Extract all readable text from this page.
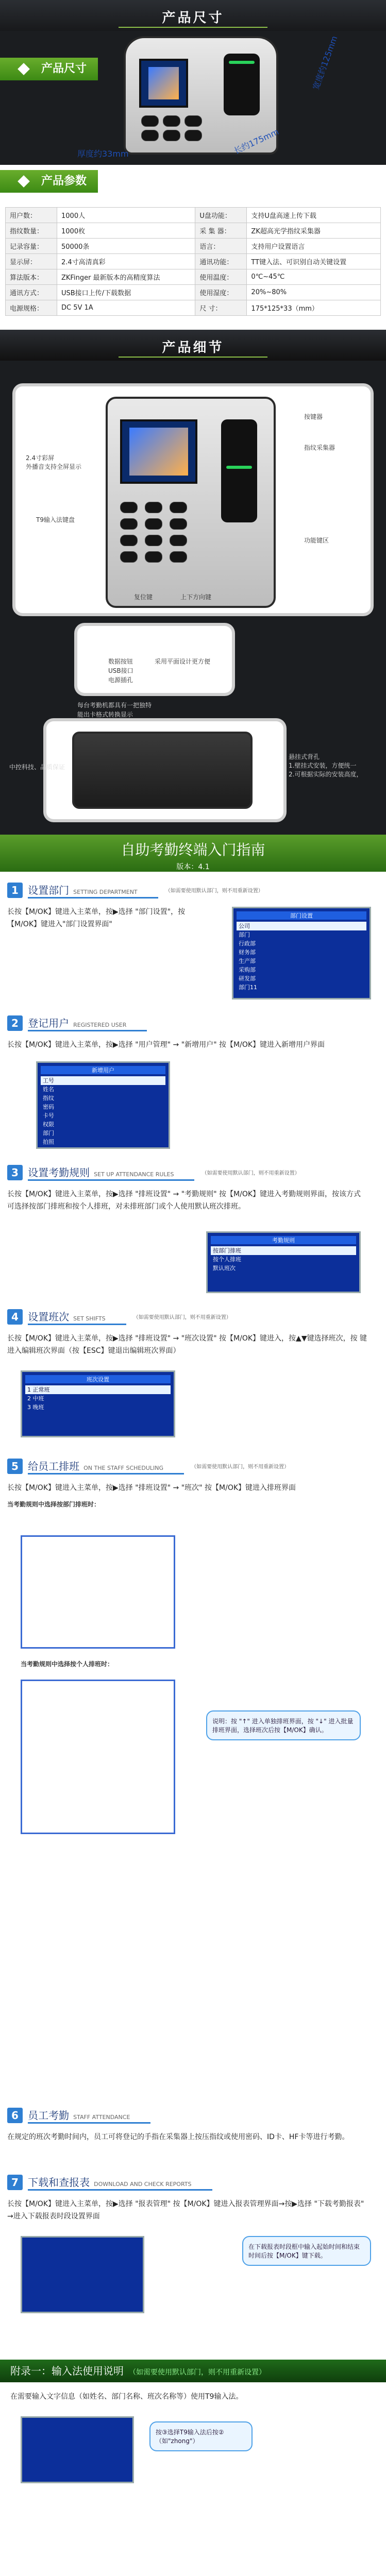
产品尺寸
产品尺寸	宽度约125mm
厚度约33mm	长约175mm
产品参数
用户数：	1000人	U盘功能：	支持U盘高速上传下载
指纹数量：	1000枚	采 集 器：	ZK超高光学指纹采集器
记录容量：	50000条	语言：	支持用户设置语言
显示屏：	2.4寸高清真彩	通讯功能：	TT键入法、可识别自动关键设置
算法版本：	ZKFinger 最新版本的高精度算法	使用温度：	0℃~45℃
通讯方式：	USB接口上传/下载数据	使用湿度：	20%~80%
电源规格：	DC 5V 1A	尺 寸：	175*125*33（mm）
产品细节
2.4寸彩屏
外播音支持全屏显示
指纹采集器
T9输入法键盘
功能键区
按键器
上下方向键
复位键
数据按钮
USB接口
电源插孔
采用平面设计更方便
每台考勤机都具有一把独特
能出卡格式转换显示
悬挂式背孔
1.壁挂式安装，方便统一
2.可根据实际的安装高度，
中控科技、品质保证
自助考勤终端入门指南
版本：4.1
1 设置部门 SETTING DEPARTMENT	（如需要使用默认部门，则不用重新设置）
长按【M/OK】键进入主菜单，按▶选择 "部门设置"，按【M/OK】键进入"部门设置界面"
部门设置
公司
部门
行政部
财务部
生产部
采购部
研发部
部门11
2 登记用户 REGISTERED USER
长按【M/OK】键进入主菜单，按▶选择 "用户管理" → "新增用户" 按【M/OK】键进入新增用户界面
新增用户
工号
姓名
指纹
密码
卡号
权限
部门
拍照
3 设置考勤规则 SET UP ATTENDANCE RULES	（如需要使用默认部门，则不用重新设置）
长按【M/OK】键进入主菜单，按▶选择 "排班设置" → "考勤规则" 按【M/OK】键进入考勤规则界面，按该方式可选择按部门排班和按个人排班，对未排班部门或个人使用默认班次排班。
考勤规则
按部门排班
按个人排班
默认班次
4 设置班次 SET SHIFTS	（如需要使用默认部门，则不用重新设置）
长按【M/OK】键进入主菜单，按▶选择 "排班设置" → "班次设置" 按【M/OK】键进入，按▲▼键选择班次，按 键进入编辑班次界面（按【ESC】键退出编辑班次界面）
班次设置
1 正常班
2 中班
3 晚班
5 给员工排班 ON THE STAFF SCHEDULING	（如需要使用默认部门，则不用重新设置）
长按【M/OK】键进入主菜单，按▶选择 "排班设置" → "班次" 按【M/OK】键进入排班界面
当考勤规则中选择按部门排班时：
当考勤规则中选择按个人排班时：
说明：按 "↑" 进入单独排班界面，按 "↓" 进入批量排班界面，选择班次后按【M/OK】确认。
6 员工考勤 STAFF ATTENDANCE
在规定的班次考勤时间内，员工可将登记的手指在采集器上按压指纹或使用密码、ID卡、HF卡等进行考勤。
7 下载和查报表 DOWNLOAD AND CHECK REPORTS
长按【M/OK】键进入主菜单，按▶选择 "报表管理" 按【M/OK】键进入报表管理界面→按▶选择 "下载考勤报表" →进入下载报表时段设置界面
在下载报表时段框中输入起始时间和结束时间后按【M/OK】键下载。
附录一：输入法使用说明 （如需要使用默认部门，则不用重新设置）
在需要输入文字信息（如姓名、部门名称、班次名称等）使用T9输入法。
按③选择T9输入法后按②（如"zhong"）
